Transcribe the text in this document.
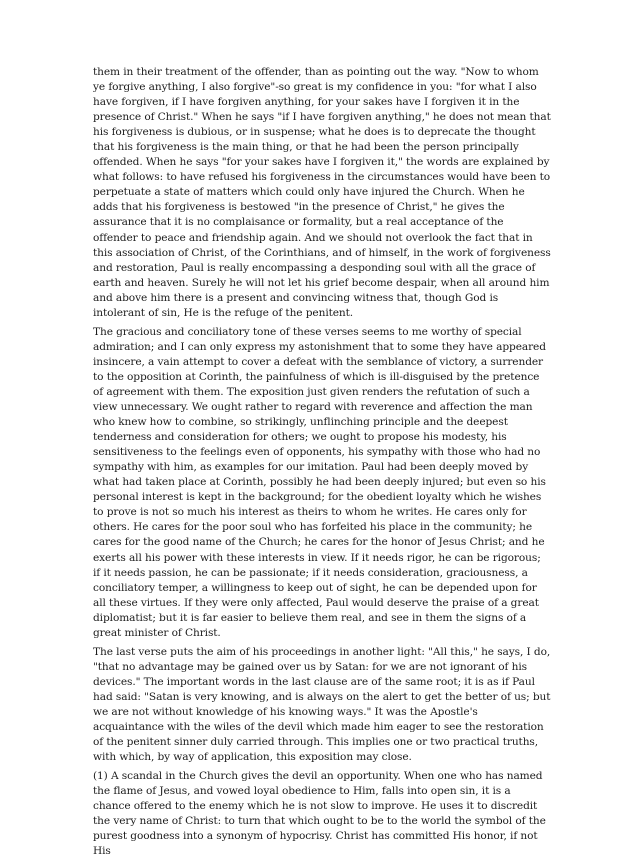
them in their treatment of the offender, than as pointing out the way. "Now to whom ye forgive anything, I also forgive"-so great is my confidence in you: "for what I also have forgiven, if I have forgiven anything, for your sakes have I forgiven it in the presence of Christ." When he says "if I have forgiven anything," he does not mean that his forgiveness is dubious, or in suspense; what he does is to deprecate the thought that his forgiveness is the main thing, or that he had been the person principally offended. When he says "for your sakes have I forgiven it," the words are explained by what follows: to have refused his forgiveness in the circumstances would have been to perpetuate a state of matters which could only have injured the Church. When he adds that his forgiveness is bestowed "in the presence of Christ," he gives the assurance that it is no complaisance or formality, but a real acceptance of the offender to peace and friendship again. And we should not overlook the fact that in this association of Christ, of the Corinthians, and of himself, in the work of forgiveness and restoration, Paul is really encompassing a desponding soul with all the grace of earth and heaven. Surely he will not let his grief become despair, when all around him and above him there is a present and convincing witness that, though God is intolerant of sin, He is the refuge of the penitent.

The gracious and conciliatory tone of these verses seems to me worthy of special admiration; and I can only express my astonishment that to some they have appeared insincere, a vain attempt to cover a defeat with the semblance of victory, a surrender to the opposition at Corinth, the painfulness of which is ill-disguised by the pretence of agreement with them. The exposition just given renders the refutation of such a view unnecessary. We ought rather to regard with reverence and affection the man who knew how to combine, so strikingly, unflinching principle and the deepest tenderness and consideration for others; we ought to propose his modesty, his sensitiveness to the feelings even of opponents, his sympathy with those who had no sympathy with him, as examples for our imitation. Paul had been deeply moved by what had taken place at Corinth, possibly he had been deeply injured; but even so his personal interest is kept in the background; for the obedient loyalty which he wishes to prove is not so much his interest as theirs to whom he writes. He cares only for others. He cares for the poor soul who has forfeited his place in the community; he cares for the good name of the Church; he cares for the honor of Jesus Christ; and he exerts all his power with these interests in view. If it needs rigor, he can be rigorous; if it needs passion, he can be passionate; if it needs consideration, graciousness, a conciliatory temper, a willingness to keep out of sight, he can be depended upon for all these virtues. If they were only affected, Paul would deserve the praise of a great diplomatist; but it is far easier to believe them real, and see in them the signs of a great minister of Christ.

The last verse puts the aim of his proceedings in another light: "All this," he says, I do, "that no advantage may be gained over us by Satan: for we are not ignorant of his devices." The important words in the last clause are of the same root; it is as if Paul had said: "Satan is very knowing, and is always on the alert to get the better of us; but we are not without knowledge of his knowing ways." It was the Apostle's acquaintance with the wiles of the devil which made him eager to see the restoration of the penitent sinner duly carried through. This implies one or two practical truths, with which, by way of application, this exposition may close.

(1) A scandal in the Church gives the devil an opportunity. When one who has named the flame of Jesus, and vowed loyal obedience to Him, falls into open sin, it is a chance offered to the enemy which he is not slow to improve. He uses it to discredit the very name of Christ: to turn that which ought to be to the world the symbol of the purest goodness into a synonym of hypocrisy. Christ has committed His honor, if not His
